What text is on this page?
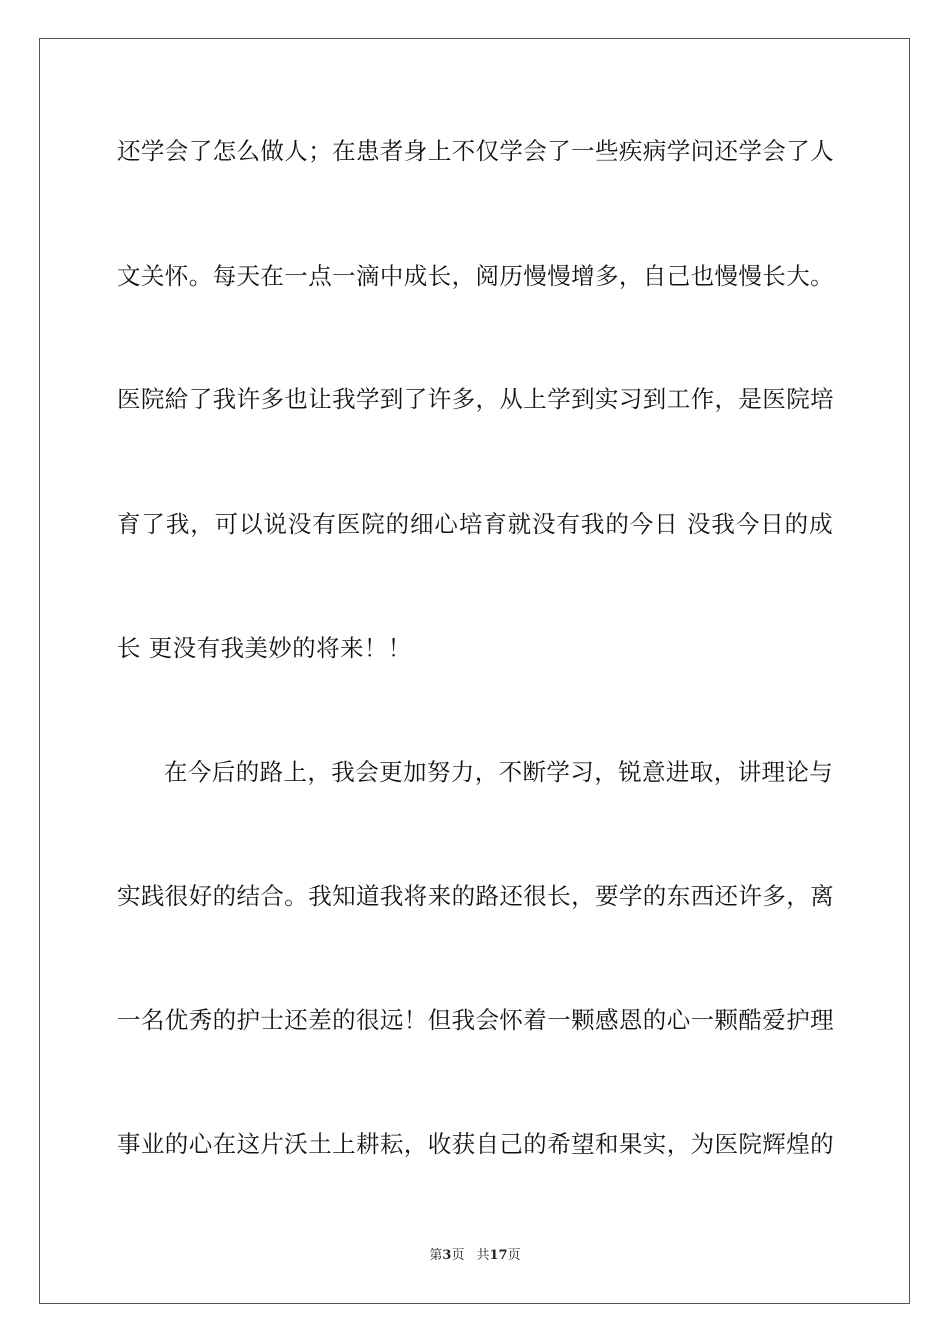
还学会了怎么做人；在患者身上不仅学会了一些疾病学问还学会了人
文关怀。每天在一点一滴中成长，阅历慢慢增多，自己也慢慢长大。
医院給了我许多也让我学到了许多，从上学到实习到工作，是医院培
育了我，可以说没有医院的细心培育就没有我的今日 没我今日的成
长 更没有我美妙的将来！！
在今后的路上，我会更加努力，不断学习，锐意进取，讲理论与
实践很好的结合。我知道我将来的路还很长，要学的东西还许多，离
一名优秀的护士还差的很远！但我会怀着一颗感恩的心一颗酷爱护理
事业的心在这片沃土上耕耘，收获自己的希望和果实，为医院辉煌的
第3页 共17页
